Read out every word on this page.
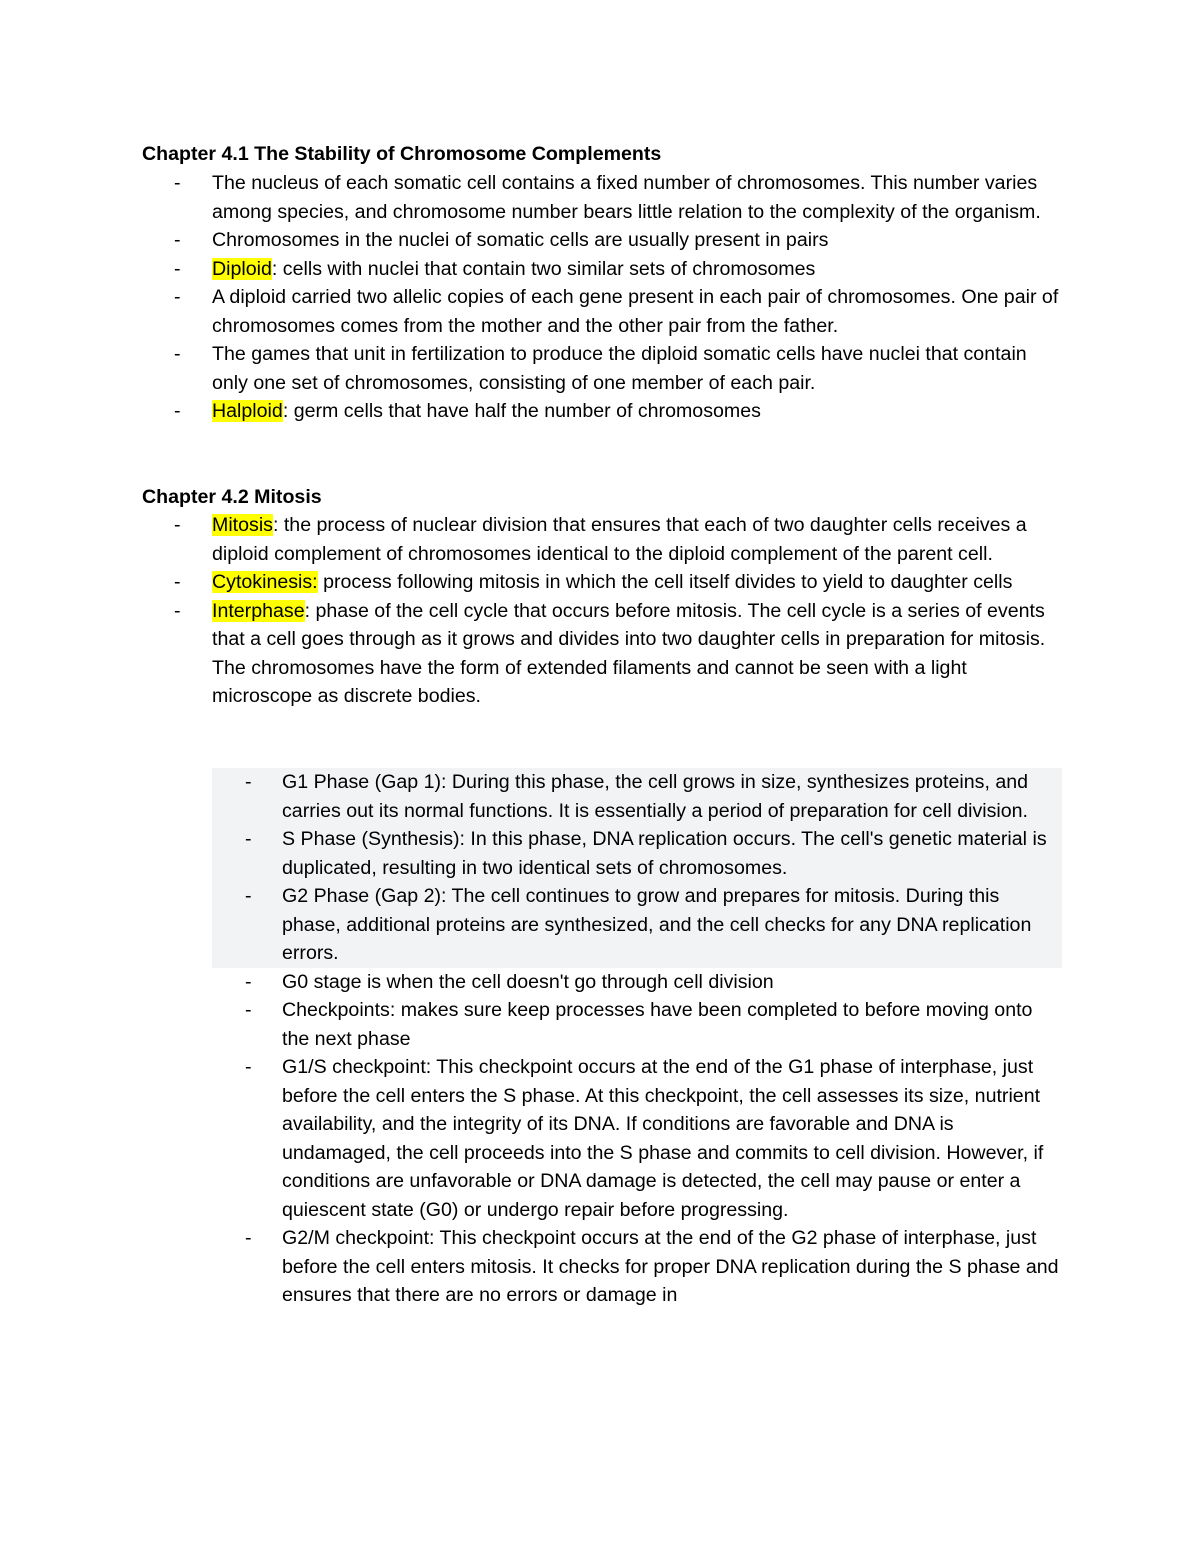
Chapter 4.1 The Stability of Chromosome Complements
- The nucleus of each somatic cell contains a fixed number of chromosomes. This number varies among species, and chromosome number bears little relation to the complexity of the organism.
- Chromosomes in the nuclei of somatic cells are usually present in pairs
- Diploid: cells with nuclei that contain two similar sets of chromosomes
- A diploid carried two allelic copies of each gene present in each pair of chromosomes. One pair of chromosomes comes from the mother and the other pair from the father.
- The games that unit in fertilization to produce the diploid somatic cells have nuclei that contain only one set of chromosomes, consisting of one member of each pair.
- Halploid: germ cells that have half the number of chromosomes
Chapter 4.2 Mitosis
- Mitosis: the process of nuclear division that ensures that each of two daughter cells receives a diploid complement of chromosomes identical to the diploid complement of the parent cell.
- Cytokinesis: process following mitosis in which the cell itself divides to yield to daughter cells
- Interphase: phase of the cell cycle that occurs before mitosis. The cell cycle is a series of events that a cell goes through as it grows and divides into two daughter cells in preparation for mitosis. The chromosomes have the form of extended filaments and cannot be seen with a light microscope as discrete bodies.
- G1 Phase (Gap 1): During this phase, the cell grows in size, synthesizes proteins, and carries out its normal functions. It is essentially a period of preparation for cell division.
- S Phase (Synthesis): In this phase, DNA replication occurs. The cell's genetic material is duplicated, resulting in two identical sets of chromosomes.
- G2 Phase (Gap 2): The cell continues to grow and prepares for mitosis. During this phase, additional proteins are synthesized, and the cell checks for any DNA replication errors.
- G0 stage is when the cell doesn't go through cell division
- Checkpoints: makes sure keep processes have been completed to before moving onto the next phase
- G1/S checkpoint: This checkpoint occurs at the end of the G1 phase of interphase, just before the cell enters the S phase. At this checkpoint, the cell assesses its size, nutrient availability, and the integrity of its DNA. If conditions are favorable and DNA is undamaged, the cell proceeds into the S phase and commits to cell division. However, if conditions are unfavorable or DNA damage is detected, the cell may pause or enter a quiescent state (G0) or undergo repair before progressing.
- G2/M checkpoint: This checkpoint occurs at the end of the G2 phase of interphase, just before the cell enters mitosis. It checks for proper DNA replication during the S phase and ensures that there are no errors or damage in
